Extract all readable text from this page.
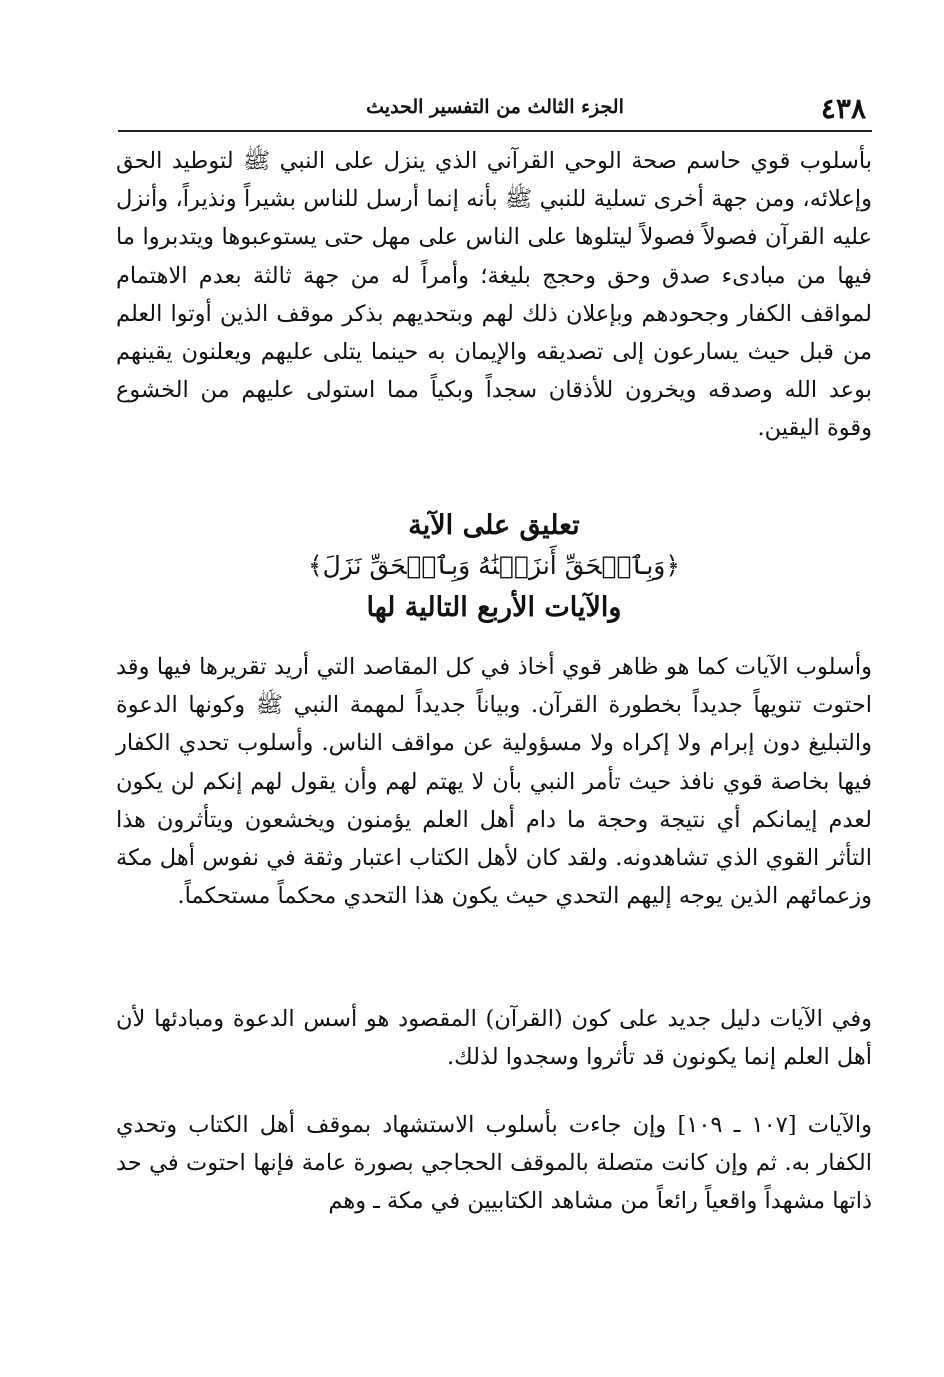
٤٣٨
الجزء الثالث من التفسير الحديث

بأسلوب قوي حاسم صحة الوحي القرآني الذي ينزل على النبي ﷺ لتوطيد الحق وإعلائه، ومن جهة أخرى تسلية للنبي ﷺ بأنه إنما أرسل للناس بشيراً ونذيراً، وأنزل عليه القرآن فصولاً فصولاً ليتلوها على الناس على مهل حتى يستوعبوها ويتدبروا ما فيها من مبادىء صدق وحق وحجج بليغة؛ وأمراً له من جهة ثالثة بعدم الاهتمام لمواقف الكفار وجحودهم وبإعلان ذلك لهم وبتحديهم بذكر موقف الذين أوتوا العلم من قبل حيث يسارعون إلى تصديقه والإيمان به حينما يتلى عليهم ويعلنون يقينهم بوعد الله وصدقه ويخرون للأذقان سجداً وبكياً مما استولى عليهم من الخشوع وقوة اليقين.

تعليق على الآية

﴿وَبِٱلۡحَقِّ أَنزَلۡنَٰهُ وَبِٱلۡحَقِّ نَزَلَ﴾

والآيات الأربع التالية لها

وأسلوب الآيات كما هو ظاهر قوي أخاذ في كل المقاصد التي أريد تقريرها فيها وقد احتوت تنويهاً جديداً بخطورة القرآن. وبياناً جديداً لمهمة النبي ﷺ وكونها الدعوة والتبليغ دون إبرام ولا إكراه ولا مسؤولية عن مواقف الناس. وأسلوب تحدي الكفار فيها بخاصة قوي نافذ حيث تأمر النبي بأن لا يهتم لهم وأن يقول لهم إنكم لن يكون لعدم إيمانكم أي نتيجة وحجة ما دام أهل العلم يؤمنون ويخشعون ويتأثرون هذا التأثر القوي الذي تشاهدونه. ولقد كان لأهل الكتاب اعتبار وثقة في نفوس أهل مكة وزعمائهم الذين يوجه إليهم التحدي حيث يكون هذا التحدي محكماً مستحكماً.

وفي الآيات دليل جديد على كون (القرآن) المقصود هو أسس الدعوة ومبادئها لأن أهل العلم إنما يكونون قد تأثروا وسجدوا لذلك.

والآيات [١٠٧ ـ ١٠٩] وإن جاءت بأسلوب الاستشهاد بموقف أهل الكتاب وتحدي الكفار به. ثم وإن كانت متصلة بالموقف الحجاجي بصورة عامة فإنها احتوت في حد ذاتها مشهداً واقعياً رائعاً من مشاهد الكتابيين في مكة ـ وهم
